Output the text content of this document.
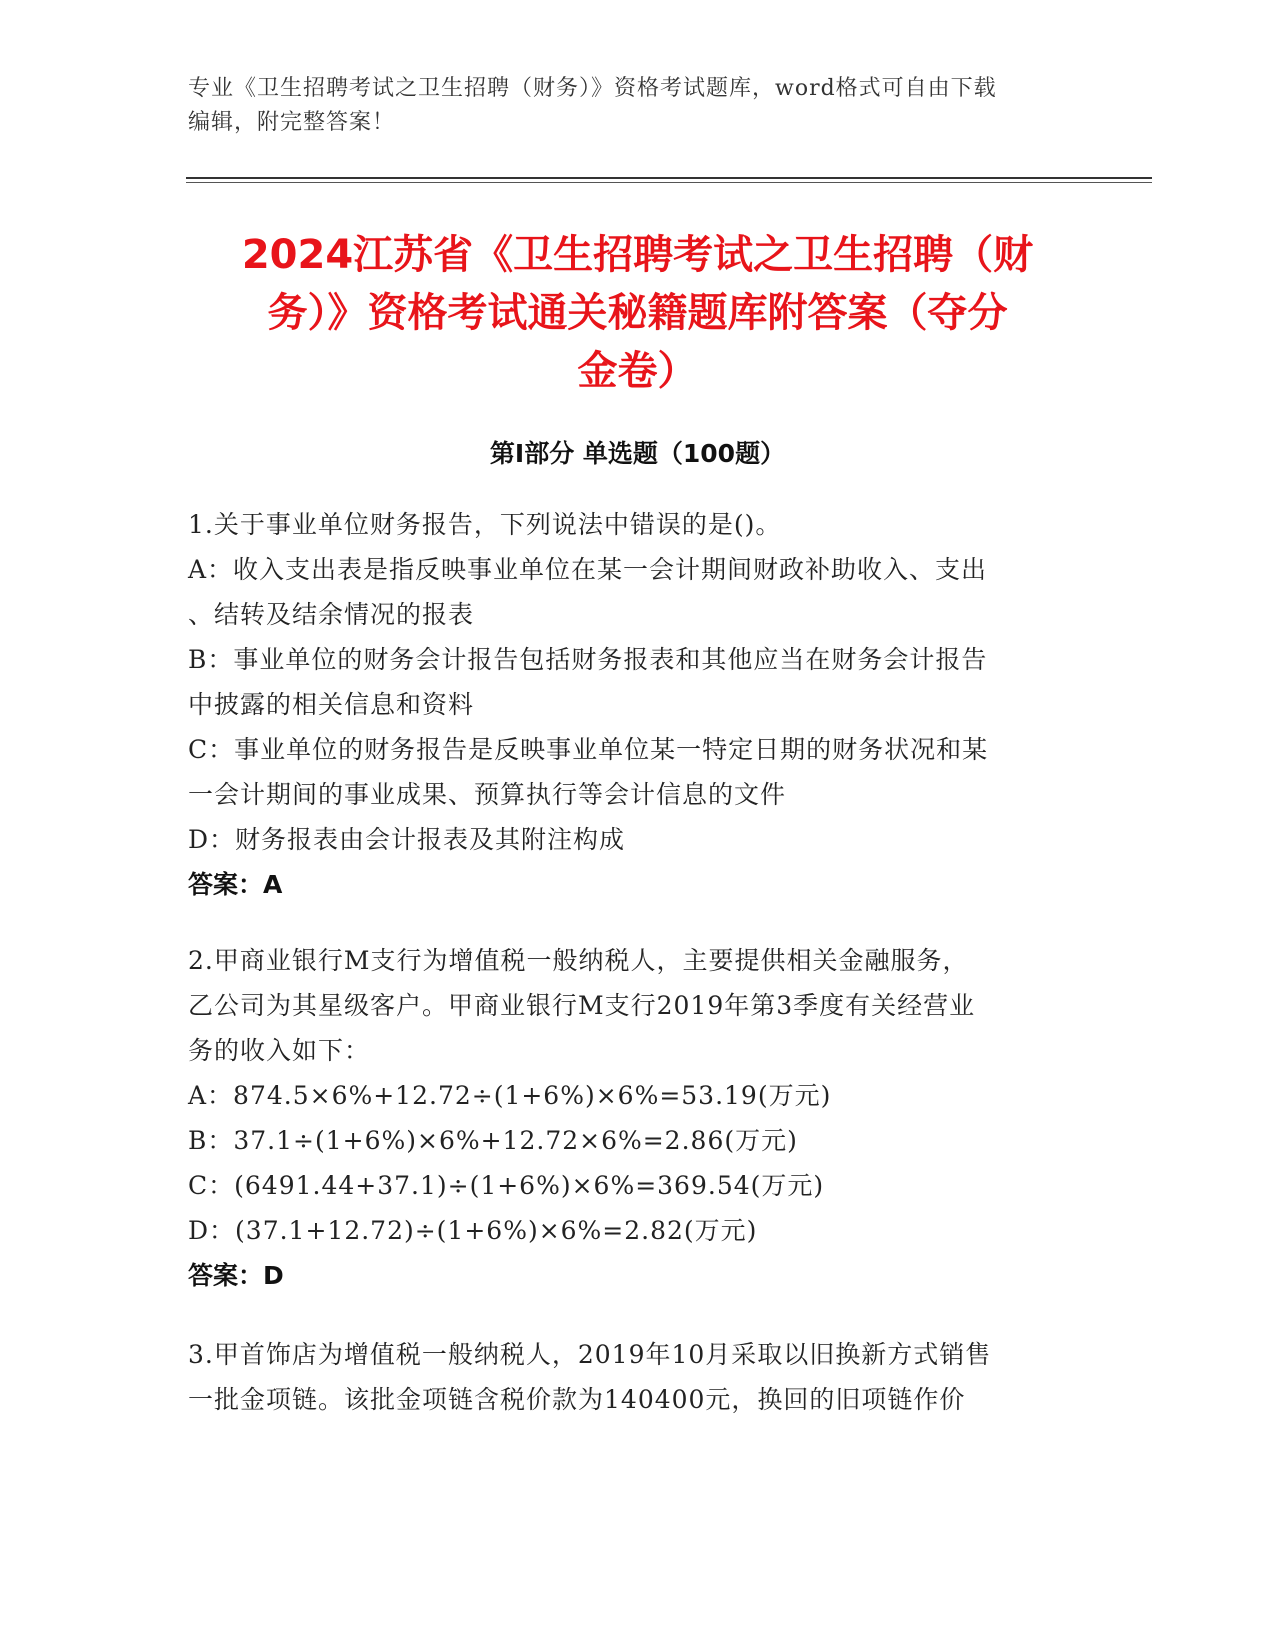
专业《卫生招聘考试之卫生招聘（财务）》资格考试题库，word格式可自由下载
编辑，附完整答案！
2024江苏省《卫生招聘考试之卫生招聘（财
务）》资格考试通关秘籍题库附答案（夺分
金卷）
第Ⅰ部分 单选题（100题）
1.关于事业单位财务报告，下列说法中错误的是()。
A：收入支出表是指反映事业单位在某一会计期间财政补助收入、支出
、结转及结余情况的报表
B：事业单位的财务会计报告包括财务报表和其他应当在财务会计报告
中披露的相关信息和资料
C：事业单位的财务报告是反映事业单位某一特定日期的财务状况和某
一会计期间的事业成果、预算执行等会计信息的文件
D：财务报表由会计报表及其附注构成
答案：A
2.甲商业银行M支行为增值税一般纳税人，主要提供相关金融服务，
乙公司为其星级客户。甲商业银行M支行2019年第3季度有关经营业
务的收入如下：
A：874.5×6%+12.72÷(1+6%)×6%=53.19(万元)
B：37.1÷(1+6%)×6%+12.72×6%=2.86(万元)
C：(6491.44+37.1)÷(1+6%)×6%=369.54(万元)
D：(37.1+12.72)÷(1+6%)×6%=2.82(万元)
答案：D
3.甲首饰店为增值税一般纳税人，2019年10月采取以旧换新方式销售
一批金项链。该批金项链含税价款为140400元，换回的旧项链作价
